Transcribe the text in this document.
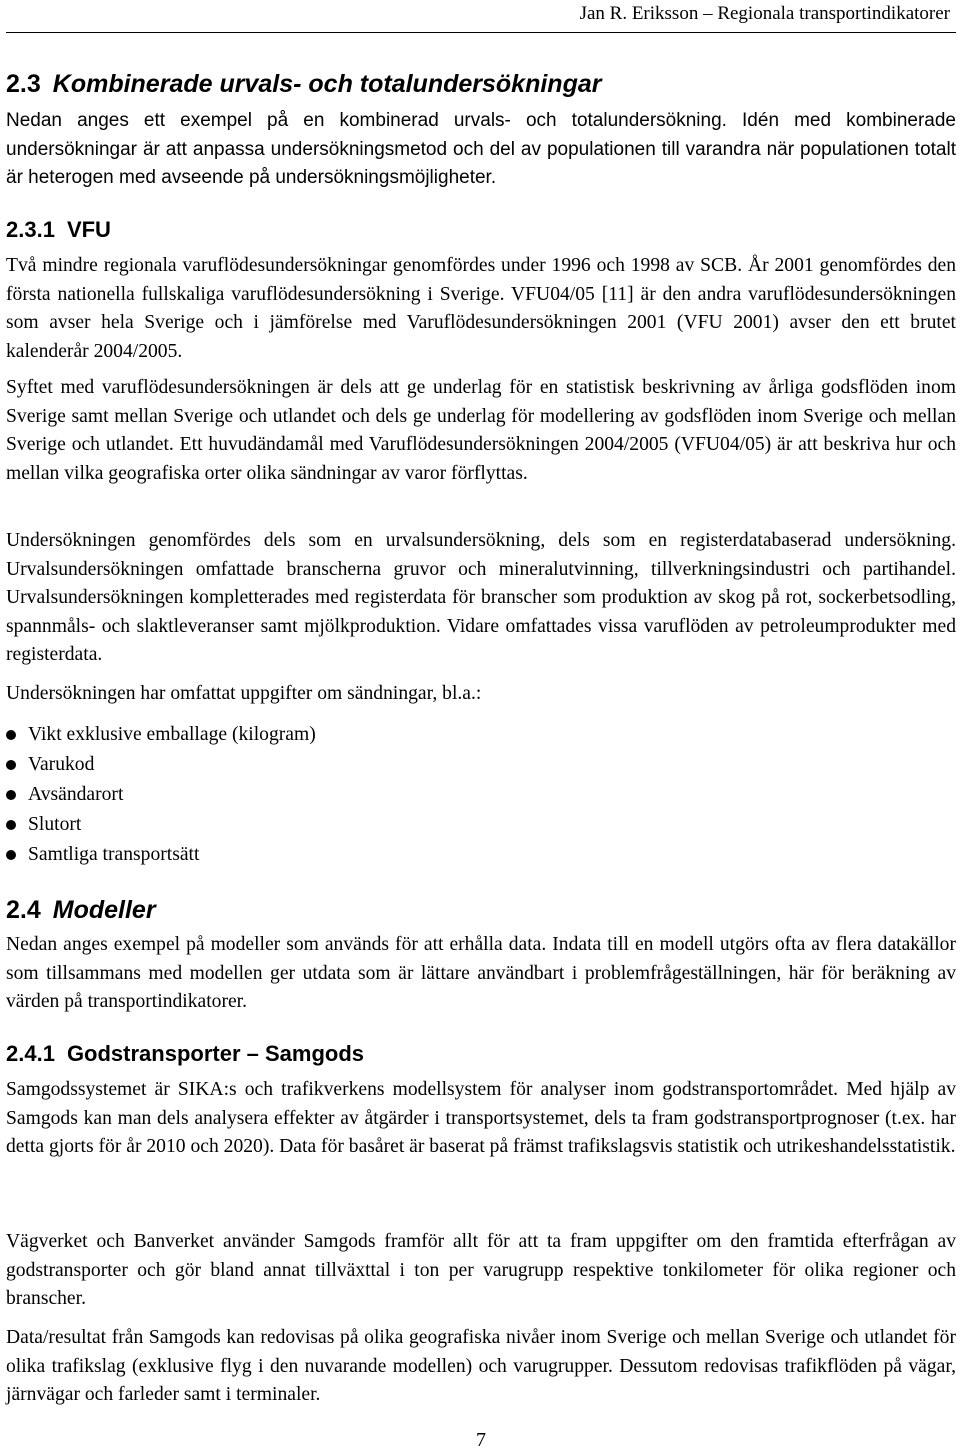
Jan R. Eriksson – Regionala transportindikatorer
2.3 Kombinerade urvals- och totalundersökningar

Nedan anges ett exempel på en kombinerad urvals- och totalundersökning. Idén med kombinerade undersökningar är att anpassa undersökningsmetod och del av populationen till varandra när populationen totalt är heterogen med avseende på undersökningsmöjligheter.

2.3.1 VFU

Två mindre regionala varuflödesundersökningar genomfördes under 1996 och 1998 av SCB. År 2001 genomfördes den första nationella fullskaliga varuflödesundersökning i Sverige. VFU04/05 [11] är den andra varuflödesundersökningen som avser hela Sverige och i jämförelse med Varuflödesundersökningen 2001 (VFU 2001) avser den ett brutet kalenderår 2004/2005.

Syftet med varuflödesundersökningen är dels att ge underlag för en statistisk beskrivning av årliga godsflöden inom Sverige samt mellan Sverige och utlandet och dels ge underlag för modellering av godsflöden inom Sverige och mellan Sverige och utlandet. Ett huvudändamål med Varuflödesundersökningen 2004/2005 (VFU04/05) är att beskriva hur och mellan vilka geografiska orter olika sändningar av varor förflyttas.

Undersökningen genomfördes dels som en urvalsundersökning, dels som en registerdatabaserad undersökning. Urvalsundersökningen omfattade branscherna gruvor och mineralutvinning, tillverkningsindustri och partihandel. Urvalsundersökningen kompletterades med registerdata för branscher som produktion av skog på rot, sockerbetsodling, spannmåls- och slaktleveranser samt mjölkproduktion. Vidare omfattades vissa varuflöden av petroleumprodukter med registerdata.

Undersökningen har omfattat uppgifter om sändningar, bl.a.:

Vikt exklusive emballage (kilogram)
Varukod
Avsändarort
Slutort
Samtliga transportsätt
2.4 Modeller

Nedan anges exempel på modeller som används för att erhålla data. Indata till en modell utgörs ofta av flera datakällor som tillsammans med modellen ger utdata som är lättare användbart i problemfrågeställningen, här för beräkning av värden på transportindikatorer.

2.4.1 Godstransporter – Samgods

Samgodssystemet är SIKA:s och trafikverkens modellsystem för analyser inom godstransportområdet. Med hjälp av Samgods kan man dels analysera effekter av åtgärder i transportsystemet, dels ta fram godstransportprognoser (t.ex. har detta gjorts för år 2010 och 2020). Data för basåret är baserat på främst trafikslagsvis statistik och utrikeshandelsstatistik.

Vägverket och Banverket använder Samgods framför allt för att ta fram uppgifter om den framtida efterfrågan av godstransporter och gör bland annat tillväxttal i ton per varugrupp respektive tonkilometer för olika regioner och branscher.

Data/resultat från Samgods kan redovisas på olika geografiska nivåer inom Sverige och mellan Sverige och utlandet för olika trafikslag (exklusive flyg i den nuvarande modellen) och varugrupper. Dessutom redovisas trafikflöden på vägar, järnvägar och farleder samt i terminaler.

7
